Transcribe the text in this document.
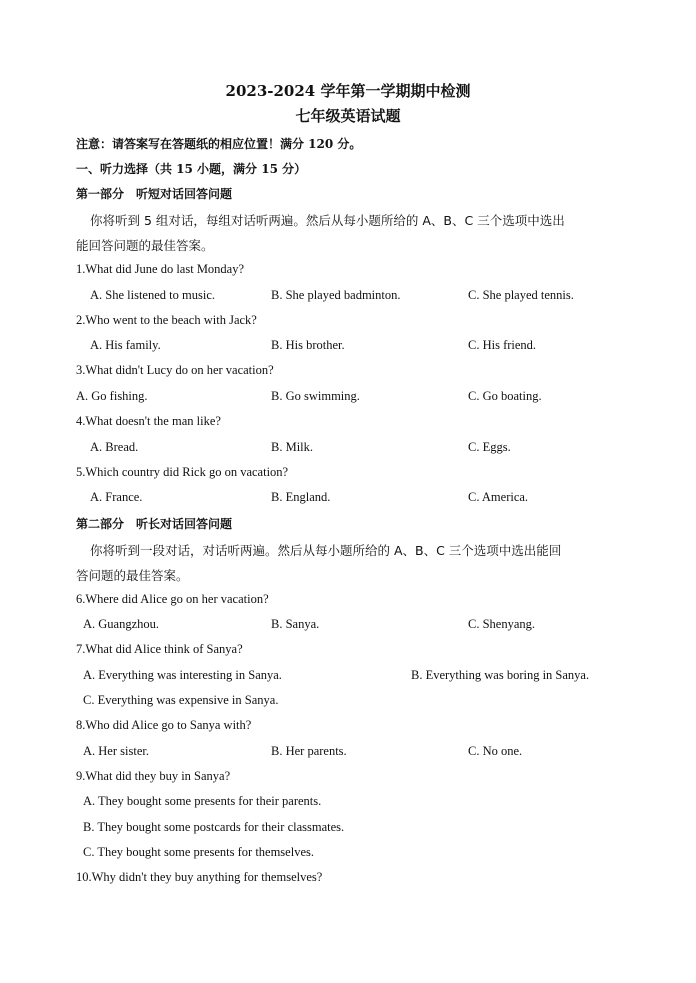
2023-2024 学年第一学期期中检测
七年级英语试题
注意：请答案写在答题纸的相应位置！满分 120 分。
一、听力选择（共 15 小题，满分 15 分）
第一部分　听短对话回答问题
你将听到 5 组对话，每组对话听两遍。然后从每小题所给的 A、B、C 三个选项中选出
能回答问题的最佳答案。
1.What did June do last Monday?
A. She listened to music.	B. She played badminton.	C. She played tennis.
2.Who went to the beach with Jack?
A. His family.	B. His brother.	C. His friend.
3.What didn't Lucy do on her vacation?
A. Go fishing.	B. Go swimming.	C. Go boating.
4.What doesn't the man like?
A. Bread.	B. Milk.	C. Eggs.
5.Which country did Rick go on vacation?
A. France.	B. England.	C. America.
第二部分　听长对话回答问题
你将听到一段对话，对话听两遍。然后从每小题所给的 A、B、C 三个选项中选出能回
答问题的最佳答案。
6.Where did Alice go on her vacation?
A. Guangzhou.	B. Sanya.	C. Shenyang.
7.What did Alice think of Sanya?
A. Everything was interesting in Sanya.	B. Everything was boring in Sanya.
C. Everything was expensive in Sanya.
8.Who did Alice go to Sanya with?
A. Her sister.	B. Her parents.	C. No one.
9.What did they buy in Sanya?
A. They bought some presents for their parents.
B. They bought some postcards for their classmates.
C. They bought some presents for themselves.
10.Why didn't they buy anything for themselves?
